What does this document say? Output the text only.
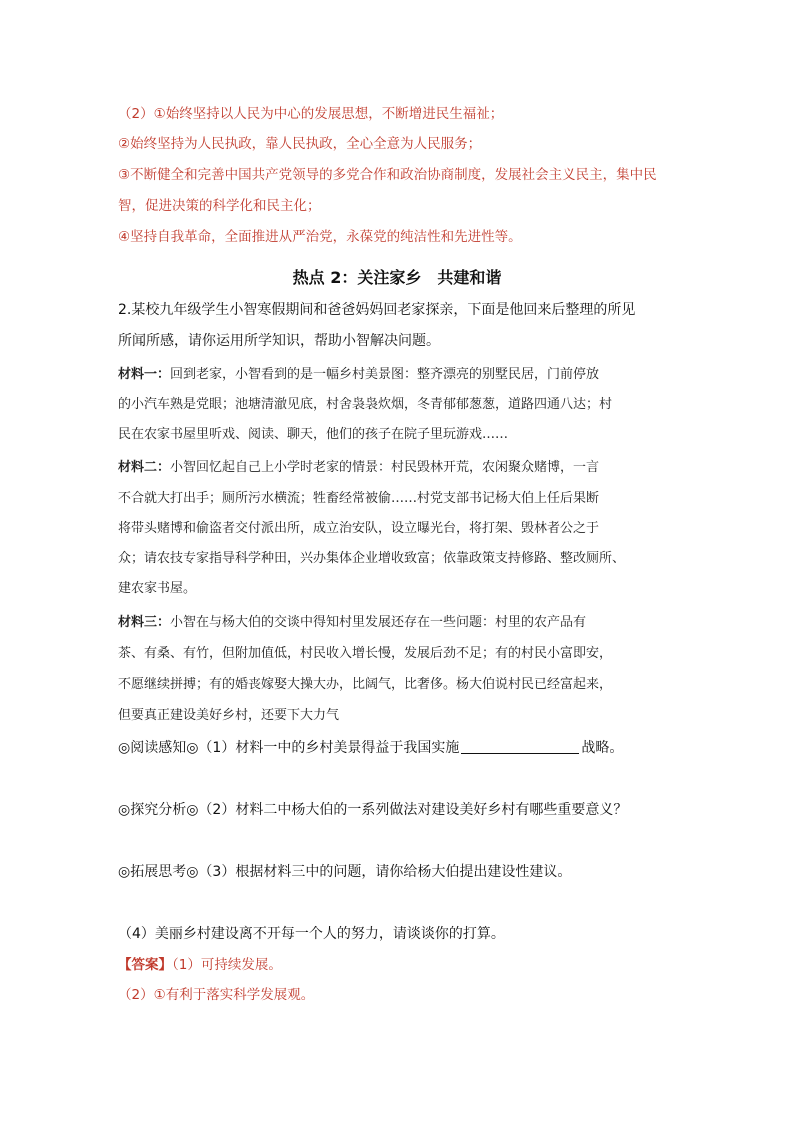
（2）①始终坚持以人民为中心的发展思想，不断增进民生福祉；
②始终坚持为人民执政，靠人民执政，全心全意为人民服务；
③不断健全和完善中国共产党领导的多党合作和政治协商制度，发展社会主义民主，集中民
智，促进决策的科学化和民主化；
④坚持自我革命，全面推进从严治党，永葆党的纯洁性和先进性等。
热点 2：关注家乡　共建和谐
2.某校九年级学生小智寒假期间和爸爸妈妈回老家探亲，下面是他回来后整理的所见
所闻所感，请你运用所学知识，帮助小智解决问题。
材料一：回到老家，小智看到的是一幅乡村美景图：整齐漂亮的别墅民居，门前停放
的小汽车熟是党眼；池塘清澈见底，村舍袅袅炊烟，冬青郁郁葱葱，道路四通八达；村
民在农家书屋里听戏、阅读、聊天，他们的孩子在院子里玩游戏……
材料二：小智回忆起自己上小学时老家的情景：村民毁林开荒，农闲聚众赌博，一言
不合就大打出手；厕所污水横流；牲畜经常被偷……村党支部书记杨大伯上任后果断
将带头赌博和偷盗者交付派出所，成立治安队，设立曝光台，将打架、毁林者公之于
众；请农技专家指导科学种田，兴办集体企业增收致富；依靠政策支持修路、整改厕所、
建农家书屋。
材料三：小智在与杨大伯的交谈中得知村里发展还存在一些问题：村里的农产品有
茶、有桑、有竹，但附加值低，村民收入增长慢，发展后劲不足；有的村民小富即安，
不愿继续拼搏；有的婚丧嫁娶大操大办，比阔气，比奢侈。杨大伯说村民已经富起来，
但要真正建设美好乡村，还要下大力气
◎阅读感知◎（1）材料一中的乡村美景得益于我国实施	战略。
◎探究分析◎（2）材料二中杨大伯的一系列做法对建设美好乡村有哪些重要意义？
◎拓展思考◎（3）根据材料三中的问题，请你给杨大伯提出建设性建议。
（4）美丽乡村建设离不开每一个人的努力，请谈谈你的打算。
【答案】（1）可持续发展。
（2）①有利于落实科学发展观。
